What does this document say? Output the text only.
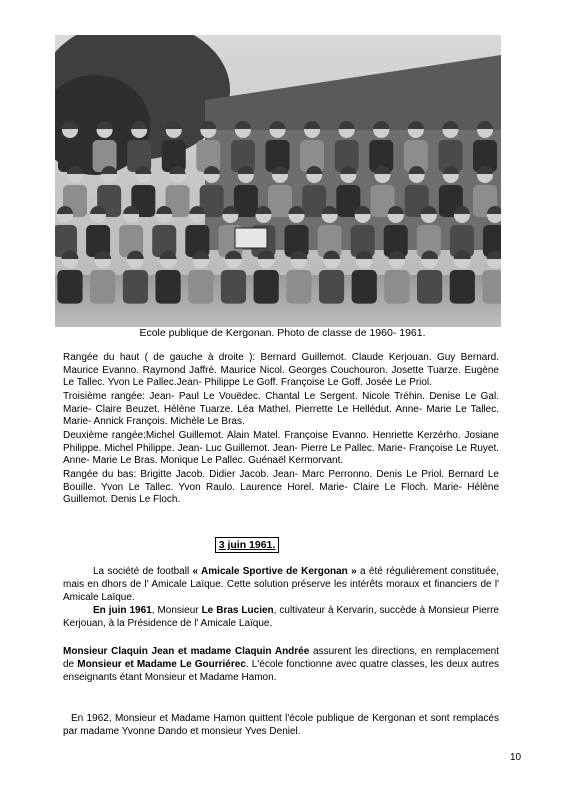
Ecole publique de Kergonan. Photo de classe de 1960- 1961.
Rangée du haut ( de gauche à droite ): Bernard Guillemot. Claude Kerjouan. Guy Bernard. Maurice Evanno. Raymond Jaffré. Maurice Nicol. Georges Couchouron. Josette Tuarze. Eugène Le Tallec. Yvon Le Pallec.Jean- Philippe Le Goff. Françoise Le Goff. Josée Le Priol.
Troisième rangée: Jean- Paul Le Vouëdec. Chantal Le Sergent. Nicole Tréhin. Denise Le Gal. Marie- Claire Beuzet. Hélène Tuarze. Léa Mathel. Pierrette Le Hellédut. Anne- Marie Le Tallec. Marie- Annick François. Michèle Le Bras.
Deuxième rangée:Michel Guillemot. Alain Matel. Françoise Evanno. Henriette Kerzérho. Josiane Philippe. Michel Philippe. Jean- Luc Guillemot. Jean- Pierre Le Pallec. Marie- Françoise Le Ruyet. Anne- Marie Le Bras. Monique Le Pallec. Guénaël Kermorvant.
Rangée du bas: Brigitte Jacob. Didier Jacob. Jean- Marc Perronno. Denis Le Priol. Bernard Le Bouille. Yvon Le Tallec. Yvon Raulo. Laurence Horel. Marie- Claire Le Floch. Marie- Hélène Guillemot. Denis Le Floch.
3 juin 1961.
La société de football « Amicale Sportive de Kergonan » a été régulièrement constituée, mais en dhors de l' Amicale Laïque. Cette solution préserve les intérêts moraux et financiers de l' Amicale Laïque.
En juin 1961, Monsieur Le Bras Lucien, cultivateur à Kervarin, succède à Monsieur Pierre Kerjouan, à la Présidence de l' Amicale Laïque.
Monsieur Claquin Jean et madame Claquin Andrée assurent les directions, en remplacement de Monsieur et Madame Le Gourriérec. L'école fonctionne avec quatre classes, les deux autres enseignants étant Monsieur et Madame Hamon.
En 1962, Monsieur et Madame Hamon quittent l'école publique de Kergonan et sont remplacés par madame Yvonne Dando et monsieur Yves Deniel.
10
